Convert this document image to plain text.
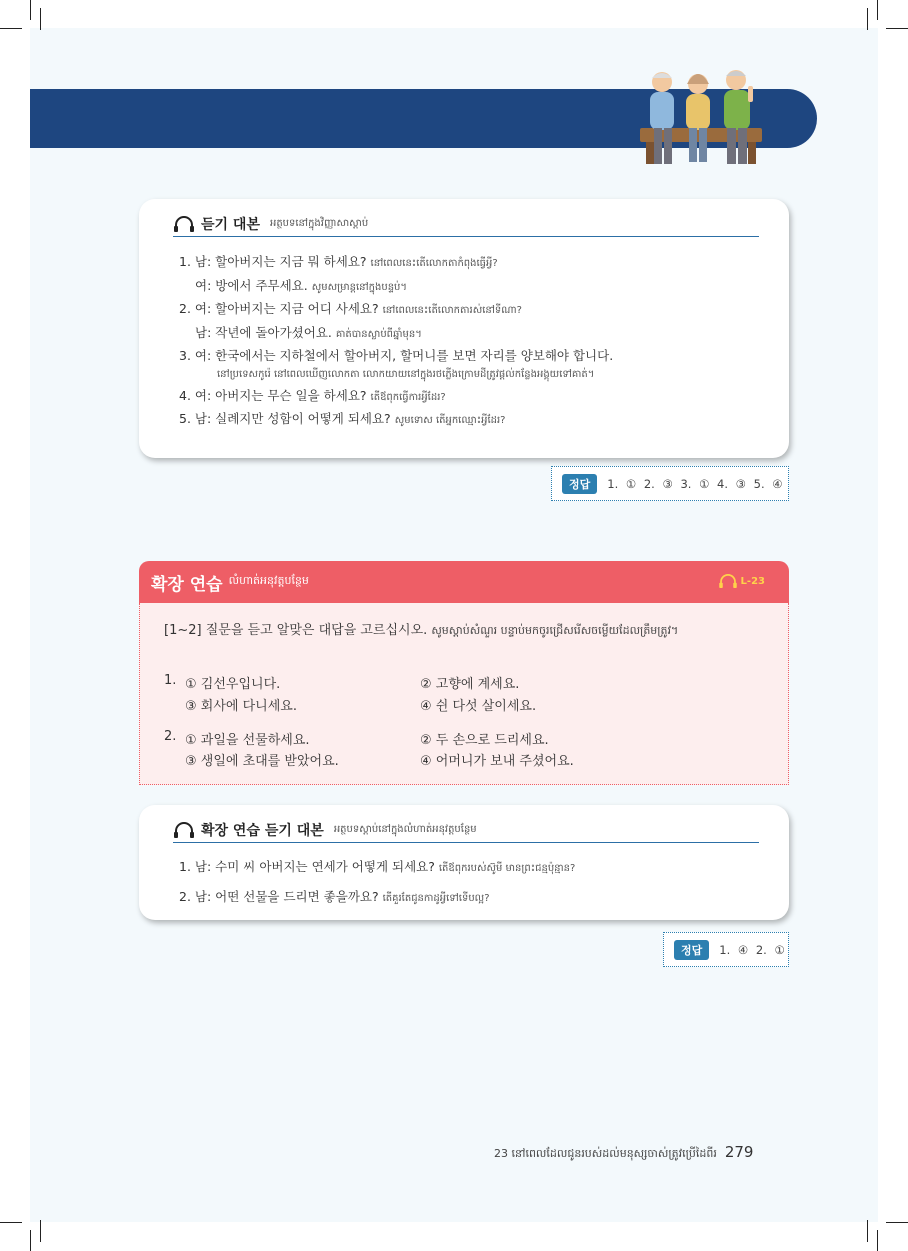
듣기 대본 អត្ថបទនៅក្នុងវិញ្ញាសាស្ដាប់
1. 남: 할아버지는 지금 뭐 하세요? នៅពេលនេះតើលោកតាកំពុងធ្វើអ្វី?
여: 방에서 주무세요. សូមសម្រាន្តនៅក្នុងបន្ទប់។
2. 여: 할아버지는 지금 어디 사세요? នៅពេលនេះតើលោកតារស់នៅទីណា?
남: 작년에 돌아가셨어요. គាត់បានស្លាប់ពីឆ្នាំមុន។
3. 여: 한국에서는 지하철에서 할아버지, 할머니를 보면 자리를 양보해야 합니다.
នៅប្រទេសកូរ៉េ នៅពេលឃើញលោកតា លោកយាយនៅក្នុងរថភ្លើងក្រោមដីត្រូវផ្តល់កន្លែងអង្គុយទៅគាត់។
4. 여: 아버지는 무슨 일을 하세요? តើឪពុកធ្វើការអ្វីដែរ?
5. 남: 실례지만 성함이 어떻게 되세요? សូមទោស តើអ្នកឈ្មោះអ្វីដែរ?
정답	1. ① 2. ③ 3. ① 4. ③ 5. ④
확장 연습 លំហាត់អនុវត្តបន្ថែម	L-23
[1~2] 질문을 듣고 알맞은 대답을 고르십시오. សូមស្ដាប់សំណួរ បន្ទាប់មកចូរជ្រើសរើសចម្លើយដែលត្រឹមត្រូវ។
1. ① 김선우입니다.	② 고향에 계세요.
③ 회사에 다니세요.	④ 쉰 다섯 살이세요.
2. ① 과일을 선물하세요.	② 두 손으로 드리세요.
③ 생일에 초대를 받았어요.	④ 어머니가 보내 주셨어요.
확장 연습 듣기 대본 អត្ថបទស្តាប់នៅក្នុងលំហាត់អនុវត្តបន្ថែម
1. 남: 수미 씨 아버지는 연세가 어떻게 되세요? តើឪពុករបស់ស៊ូមី មានព្រះជន្មប៉ុន្មាន?
2. 남: 어떤 선물을 드리면 좋을까요? តើគួរតែជូនកាដូអ្វីទៅទើបល្អ?
정답	1. ④ 2. ①
23 នៅពេលដែលជូនរបស់ដល់មនុស្សចាស់ត្រូវប្រើដៃពីរ 279
